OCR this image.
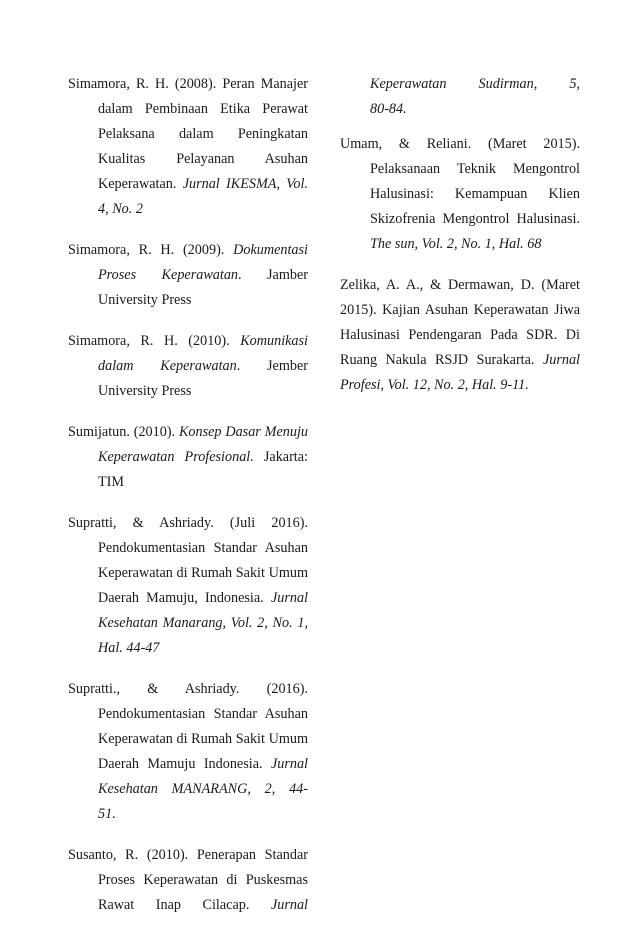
Simamora, R. H. (2008). Peran Manajer
dalam Pembinaan Etika Perawat
Pelaksana dalam Peningkatan
Kualitas Pelayanan Asuhan
Keperawatan. Jurnal IKESMA, Vol.
4, No. 2
Simamora, R. H. (2009). Dokumentasi
Proses Keperawatan. Jamber
University Press
Simamora, R. H. (2010). Komunikasi
dalam Keperawatan. Jember
University Press
Sumijatun. (2010). Konsep Dasar Menuju
Keperawatan Profesional. Jakarta:
TIM
Supratti, & Ashriady. (Juli 2016).
Pendokumentasian Standar Asuhan
Keperawatan di Rumah Sakit Umum
Daerah Mamuju, Indonesia. Jurnal
Kesehatan Manarang, Vol. 2, No. 1,
Hal. 44-47
Supratti., & Ashriady. (2016).
Pendokumentasian Standar Asuhan
Keperawatan di Rumah Sakit Umum
Daerah Mamuju Indonesia. Jurnal
Kesehatan MANARANG, 2, 44-
51.
Susanto, R. (2010). Penerapan Standar
Proses Keperawatan di Puskesmas
Rawat Inap Cilacap. Jurnal
Keperawatan Sudirman, 5,
80-84.
Umam, & Reliani. (Maret 2015).
Pelaksanaan Teknik Mengontrol
Halusinasi: Kemampuan Klien
Skizofrenia Mengontrol Halusinasi.
The sun, Vol. 2, No. 1, Hal. 68
Zelika, A. A., & Dermawan, D. (Maret
2015). Kajian Asuhan Keperawatan Jiwa
Halusinasi Pendengaran Pada SDR. Di
Ruang Nakula RSJD Surakarta. Jurnal
Profesi, Vol. 12, No. 2, Hal. 9-11.
